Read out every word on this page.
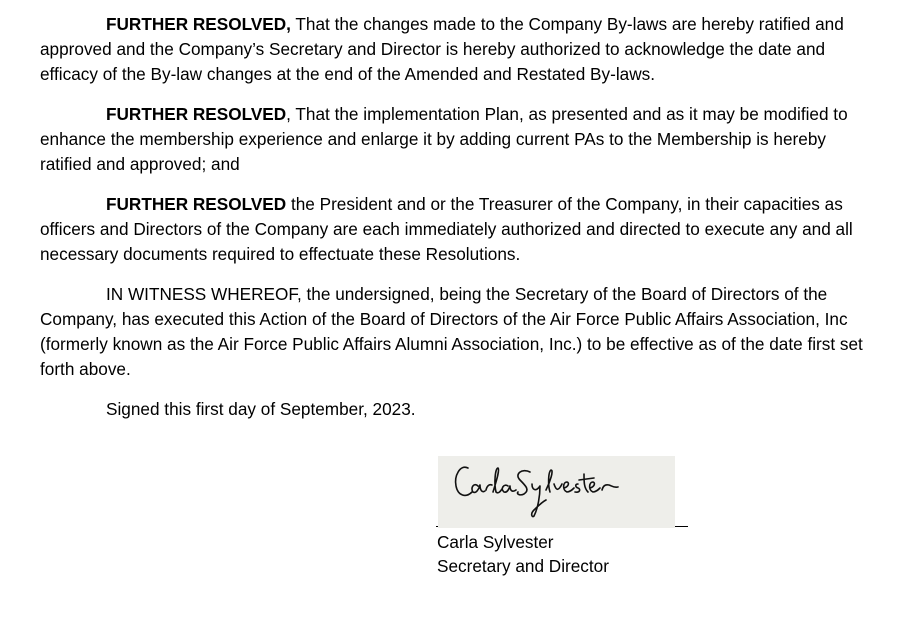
FURTHER RESOLVED, That the changes made to the Company By-laws are hereby ratified and approved and the Company’s Secretary and Director is hereby authorized to acknowledge the date and efficacy of the By-law changes at the end of the Amended and Restated By-laws.

FURTHER RESOLVED, That the implementation Plan, as presented and as it may be modified to enhance the membership experience and enlarge it by adding current PAs to the Membership is hereby ratified and approved; and

FURTHER RESOLVED the President and or the Treasurer of the Company, in their capacities as officers and Directors of the Company are each immediately authorized and directed to execute any and all necessary documents required to effectuate these Resolutions.

IN WITNESS WHEREOF, the undersigned, being the Secretary of the Board of Directors of the Company, has executed this Action of the Board of Directors of the Air Force Public Affairs Association, Inc (formerly known as the Air Force Public Affairs Alumni Association, Inc.) to be effective as of the date first set forth above.

Signed this first day of September, 2023.

Carla Sylvester
Secretary and Director
